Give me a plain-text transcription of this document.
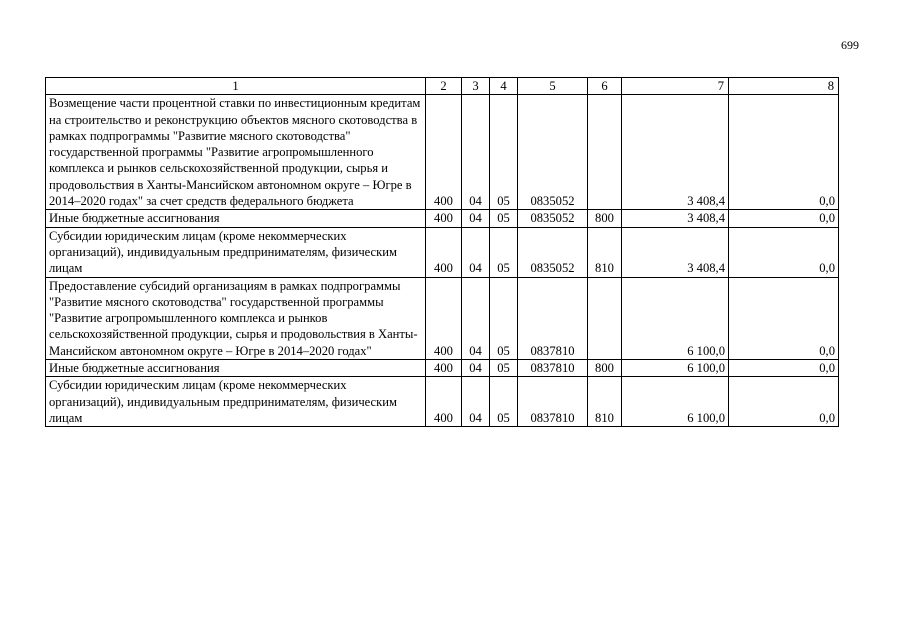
699
1	2	3	4	5	6	7	8
Возмещение части процентной ставки по инвестиционным кредитам на строительство и реконструкцию объектов мясного скотоводства в рамках подпрограммы "Развитие мясного скотоводства" государственной программы "Развитие агропромышленного комплекса и рынков сельскохозяйственной продукции, сырья и продовольствия в Ханты-Мансийском автономном округе – Югре в 2014–2020 годах" за счет средств федерального бюджета	400	04	05	0835052		3 408,4	0,0
Иные бюджетные ассигнования	400	04	05	0835052	800	3 408,4	0,0
Субсидии юридическим лицам (кроме некоммерческих организаций), индивидуальным предпринимателям, физическим лицам	400	04	05	0835052	810	3 408,4	0,0
Предоставление субсидий организациям в рамках подпрограммы "Развитие мясного скотоводства" государственной программы "Развитие агропромышленного комплекса и рынков сельскохозяйственной продукции, сырья и продовольствия в Ханты-Мансийском автономном округе – Югре в 2014–2020 годах"	400	04	05	0837810		6 100,0	0,0
Иные бюджетные ассигнования	400	04	05	0837810	800	6 100,0	0,0
Субсидии юридическим лицам (кроме некоммерческих организаций), индивидуальным предпринимателям, физическим лицам	400	04	05	0837810	810	6 100,0	0,0
